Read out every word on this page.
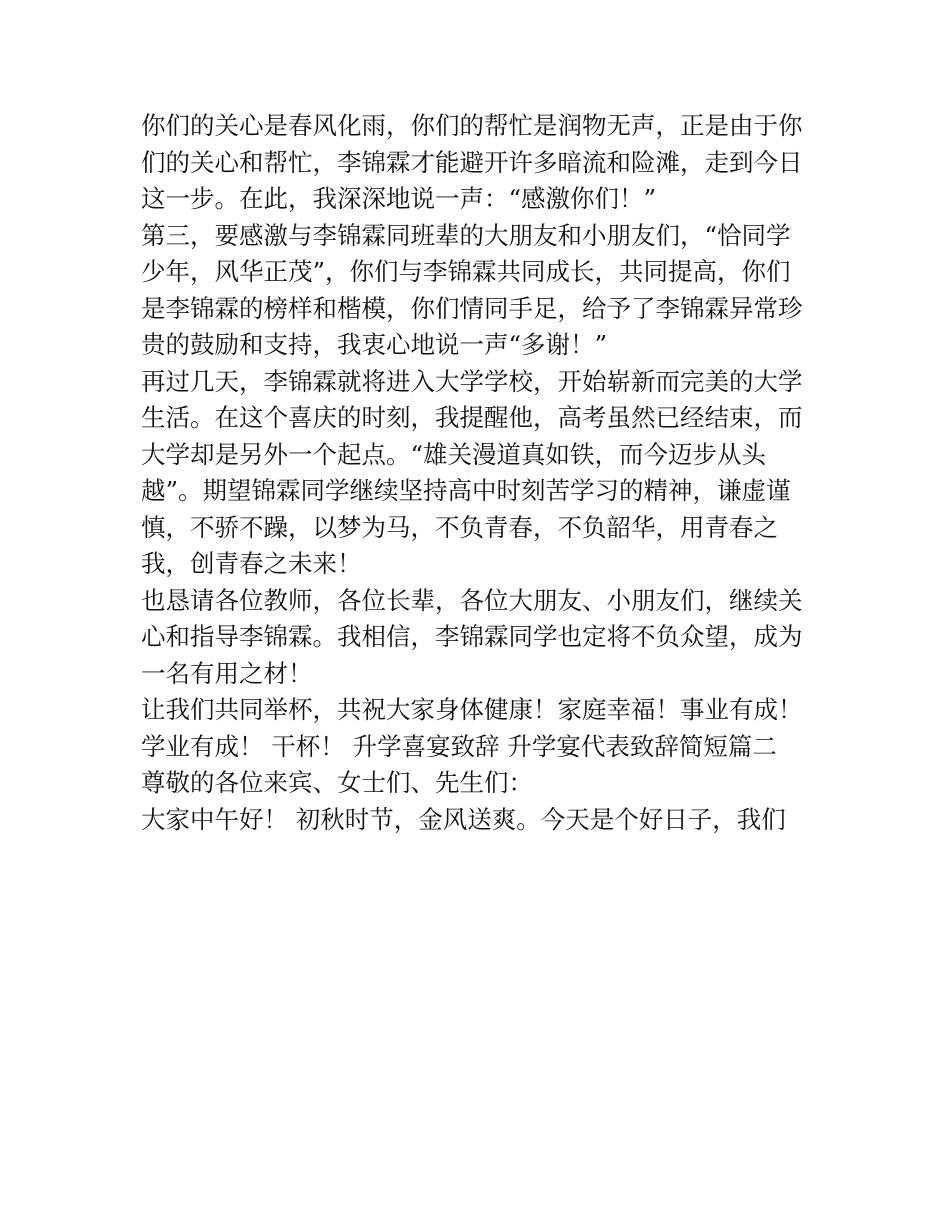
你们的关心是春风化雨，你们的帮忙是润物无声，正是由于你
们的关心和帮忙，李锦霖才能避开许多暗流和险滩，走到今日
这一步。在此，我深深地说一声：“感激你们！”
第三，要感激与李锦霖同班辈的大朋友和小朋友们，“恰同学
少年，风华正茂”，你们与李锦霖共同成长，共同提高，你们
是李锦霖的榜样和楷模，你们情同手足，给予了李锦霖异常珍
贵的鼓励和支持，我衷心地说一声“多谢！”
再过几天，李锦霖就将进入大学学校，开始崭新而完美的大学
生活。在这个喜庆的时刻，我提醒他，高考虽然已经结束，而
大学却是另外一个起点。“雄关漫道真如铁，而今迈步从头
越”。期望锦霖同学继续坚持高中时刻苦学习的精神，谦虚谨
慎，不骄不躁，以梦为马，不负青春，不负韶华，用青春之
我，创青春之未来！
也恳请各位教师，各位长辈，各位大朋友、小朋友们，继续关
心和指导李锦霖。我相信，李锦霖同学也定将不负众望，成为
一名有用之材！
让我们共同举杯，共祝大家身体健康！家庭幸福！事业有成！
学业有成！ 干杯！ 升学喜宴致辞 升学宴代表致辞简短篇二
尊敬的各位来宾、女士们、先生们：
大家中午好！ 初秋时节，金风送爽。今天是个好日子，我们
